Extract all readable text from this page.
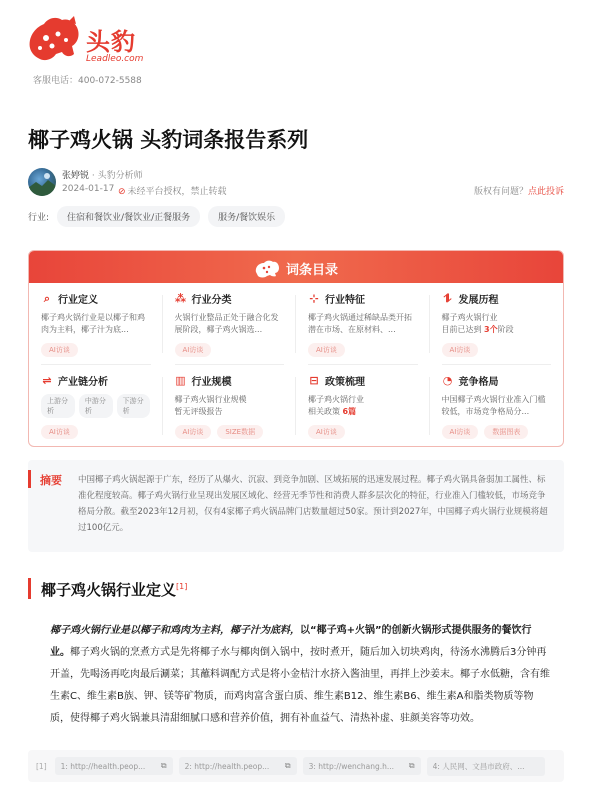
头豹
Leadleo.com
客服电话：400-072-5588
椰子鸡火锅 头豹词条报告系列
张婷锐 · 头豹分析师
2024-01-17 ⊘ 未经平台授权，禁止转载	版权有问题？点此投诉
行业:	住宿和餐饮业/餐饮业/正餐服务	服务/餐饮娱乐
词条目录
⌕ 行业定义
椰子鸡火锅行业是以椰子和鸡肉为主料，椰子汁为底...
AI访谈
⁂ 行业分类
火锅行业整品正处于融合化发展阶段，椰子鸡火锅选...
AI访谈
⊹ 行业特征
椰子鸡火锅通过稀缺品类开拓潜在市场、在原材料、...
AI访谈
⥮ 发展历程
椰子鸡火锅行业
目前已达到 3个阶段
AI访谈
⇌ 产业链分析
上游分析
中游分析
下游分析
AI访谈
▥ 行业规模
椰子鸡火锅行业规模
暂无评级报告
AI访谈	SIZE数据
⊟ 政策梳理
椰子鸡火锅行业
相关政策 6篇
AI访谈
◔ 竞争格局
中国椰子鸡火锅行业准入门槛较低，市场竞争格局分...
AI访谈	数据图表
摘要 中国椰子鸡火锅起源于广东，经历了从爆火、沉寂、到竞争加剧、区域拓展的迅速发展过程。椰子鸡火锅具备弱加工属性、标准化程度较高。椰子鸡火锅行业呈现出发展区域化、经营无季节性和消费人群多层次化的特征，行业准入门槛较低，市场竞争格局分散。截至2023年12月初，仅有4家椰子鸡火锅品牌门店数量超过50家。预计到2027年，中国椰子鸡火锅行业规模将超过100亿元。
椰子鸡火锅行业定义[1]
椰子鸡火锅行业是以椰子和鸡肉为主料，椰子汁为底料，以“椰子鸡+火锅”的创新火锅形式提供服务的餐饮行业。椰子鸡火锅的烹煮方式是先将椰子水与椰肉倒入锅中，按时煮开，随后加入切块鸡肉，待汤水沸腾后3分钟再开盖，先喝汤再吃肉最后涮菜；其蘸料调配方式是将小金桔汁水挤入酱油里，再拌上沙姜末。椰子水低糖，含有维生素C、维生素B族、钾、镁等矿物质，而鸡肉富含蛋白质、维生素B12、维生素B6、维生素A和脂类物质等物质，使得椰子鸡火锅兼具清甜细腻口感和营养价值，拥有补血益气、清热补虚、驻颜美容等功效。
[1] 1: http://health.peop...	⧉ 2: http://health.peop...	⧉ 3: http://wenchang.h...	⧉ 4: 人民网、文昌市政府、...
